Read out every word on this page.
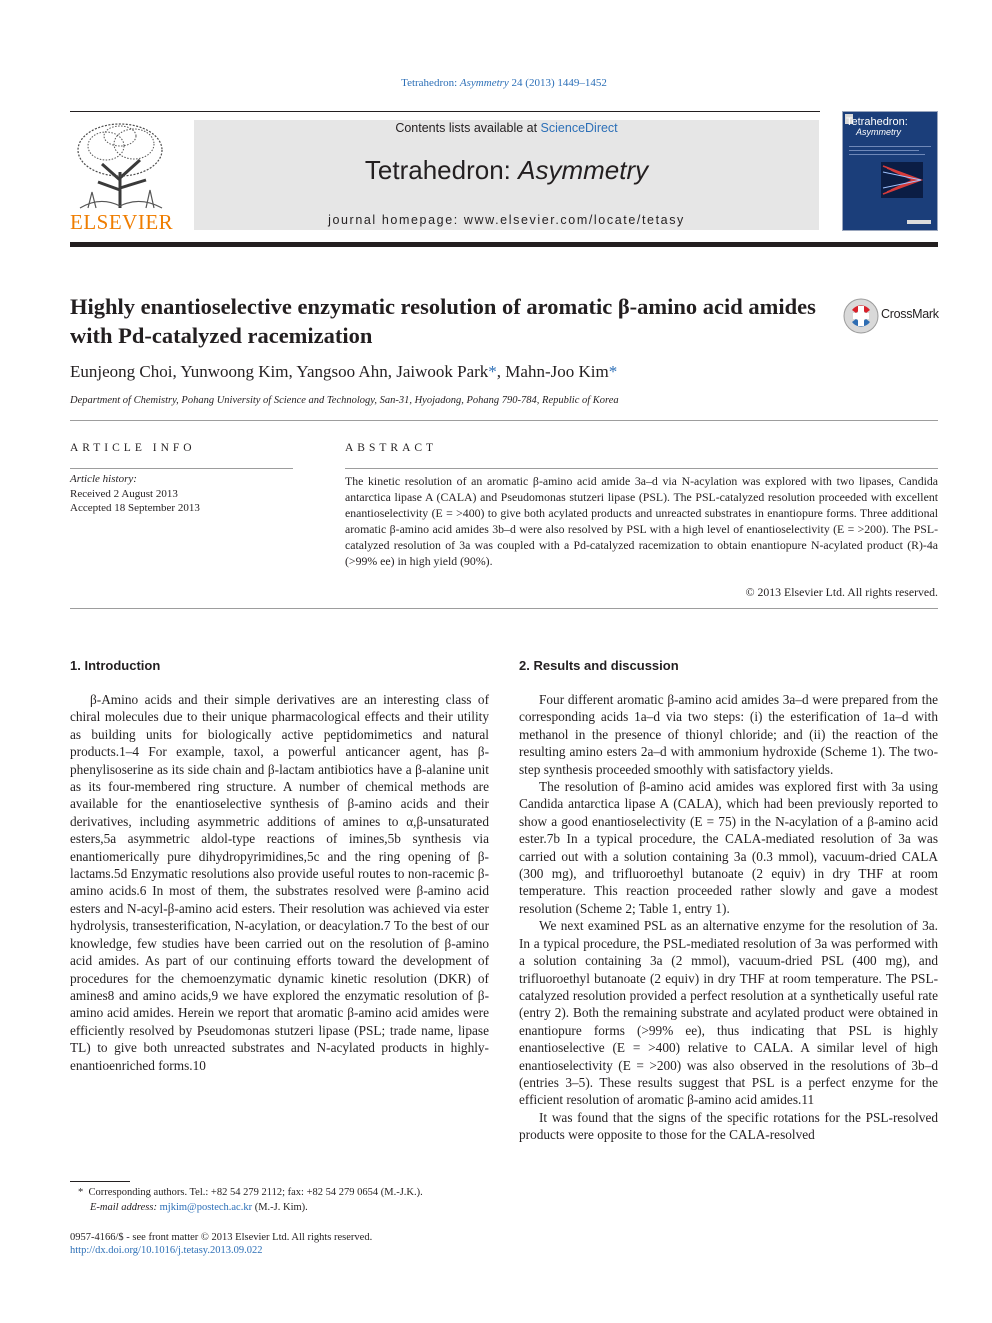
Tetrahedron: Asymmetry 24 (2013) 1449–1452
ELSEVIER
Contents lists available at ScienceDirect
Tetrahedron: Asymmetry
journal homepage: www.elsevier.com/locate/tetasy
Tetrahedron:
Asymmetry
Highly enantioselective enzymatic resolution of aromatic β-amino acid amides with Pd-catalyzed racemization
CrossMark
Eunjeong Choi, Yunwoong Kim, Yangsoo Ahn, Jaiwook Park*, Mahn-Joo Kim*
Department of Chemistry, Pohang University of Science and Technology, San-31, Hyojadong, Pohang 790-784, Republic of Korea
ARTICLE INFO
Article history:
Received 2 August 2013
Accepted 18 September 2013
ABSTRACT
The kinetic resolution of an aromatic β-amino acid amide 3a–d via N-acylation was explored with two lipases, Candida antarctica lipase A (CALA) and Pseudomonas stutzeri lipase (PSL). The PSL-catalyzed resolution proceeded with excellent enantioselectivity (E = >400) to give both acylated products and unreacted substrates in enantiopure forms. Three additional aromatic β-amino acid amides 3b–d were also resolved by PSL with a high level of enantioselectivity (E = >200). The PSL-catalyzed resolution of 3a was coupled with a Pd-catalyzed racemization to obtain enantiopure N-acylated product (R)-4a (>99% ee) in high yield (90%).
© 2013 Elsevier Ltd. All rights reserved.
1. Introduction	2. Results and discussion

β-Amino acids and their simple derivatives are an interesting class of chiral molecules due to their unique pharmacological effects and their utility as building units for biologically active peptidomimetics and natural products.1–4 For example, taxol, a powerful anticancer agent, has β-phenylisoserine as its side chain and β-lactam antibiotics have a β-alanine unit as its four-membered ring structure. A number of chemical methods are available for the enantioselective synthesis of β-amino acids and their derivatives, including asymmetric additions of amines to α,β-unsaturated esters,5a asymmetric aldol-type reactions of imines,5b synthesis via enantiomerically pure dihydropyrimidines,5c and the ring opening of β-lactams.5d Enzymatic resolutions also provide useful routes to non-racemic β-amino acids.6 In most of them, the substrates resolved were β-amino acid esters and N-acyl-β-amino acid esters. Their resolution was achieved via ester hydrolysis, transesterification, N-acylation, or deacylation.7 To the best of our knowledge, few studies have been carried out on the resolution of β-amino acid amides. As part of our continuing efforts toward the development of procedures for the chemoenzymatic dynamic kinetic resolution (DKR) of amines8 and amino acids,9 we have explored the enzymatic resolution of β-amino acid amides. Herein we report that aromatic β-amino acid amides were efficiently resolved by Pseudomonas stutzeri lipase (PSL; trade name, lipase TL) to give both unreacted substrates and N-acylated products in highly-enantioenriched forms.10

Four different aromatic β-amino acid amides 3a–d were prepared from the corresponding acids 1a–d via two steps: (i) the esterification of 1a–d with methanol in the presence of thionyl chloride; and (ii) the reaction of the resulting amino esters 2a–d with ammonium hydroxide (Scheme 1). The two-step synthesis proceeded smoothly with satisfactory yields.

The resolution of β-amino acid amides was explored first with 3a using Candida antarctica lipase A (CALA), which had been previously reported to show a good enantioselectivity (E = 75) in the N-acylation of a β-amino acid ester.7b In a typical procedure, the CALA-mediated resolution of 3a was carried out with a solution containing 3a (0.3 mmol), vacuum-dried CALA (300 mg), and trifluoroethyl butanoate (2 equiv) in dry THF at room temperature. This reaction proceeded rather slowly and gave a modest resolution (Scheme 2; Table 1, entry 1).

We next examined PSL as an alternative enzyme for the resolution of 3a. In a typical procedure, the PSL-mediated resolution of 3a was performed with a solution containing 3a (2 mmol), vacuum-dried PSL (400 mg), and trifluoroethyl butanoate (2 equiv) in dry THF at room temperature. The PSL-catalyzed resolution provided a perfect resolution at a synthetically useful rate (entry 2). Both the remaining substrate and acylated product were obtained in enantiopure forms (>99% ee), thus indicating that PSL is highly enantioselective (E = >400) relative to CALA. A similar level of high enantioselectivity (E = >200) was also observed in the resolutions of 3b–d (entries 3–5). These results suggest that PSL is a perfect enzyme for the efficient resolution of aromatic β-amino acid amides.11

It was found that the signs of the specific rotations for the PSL-resolved products were opposite to those for the CALA-resolved

* Corresponding authors. Tel.: +82 54 279 2112; fax: +82 54 279 0654 (M.-J.K.).
E-mail address: mjkim@postech.ac.kr (M.-J. Kim).
0957-4166/$ - see front matter © 2013 Elsevier Ltd. All rights reserved.
http://dx.doi.org/10.1016/j.tetasy.2013.09.022
